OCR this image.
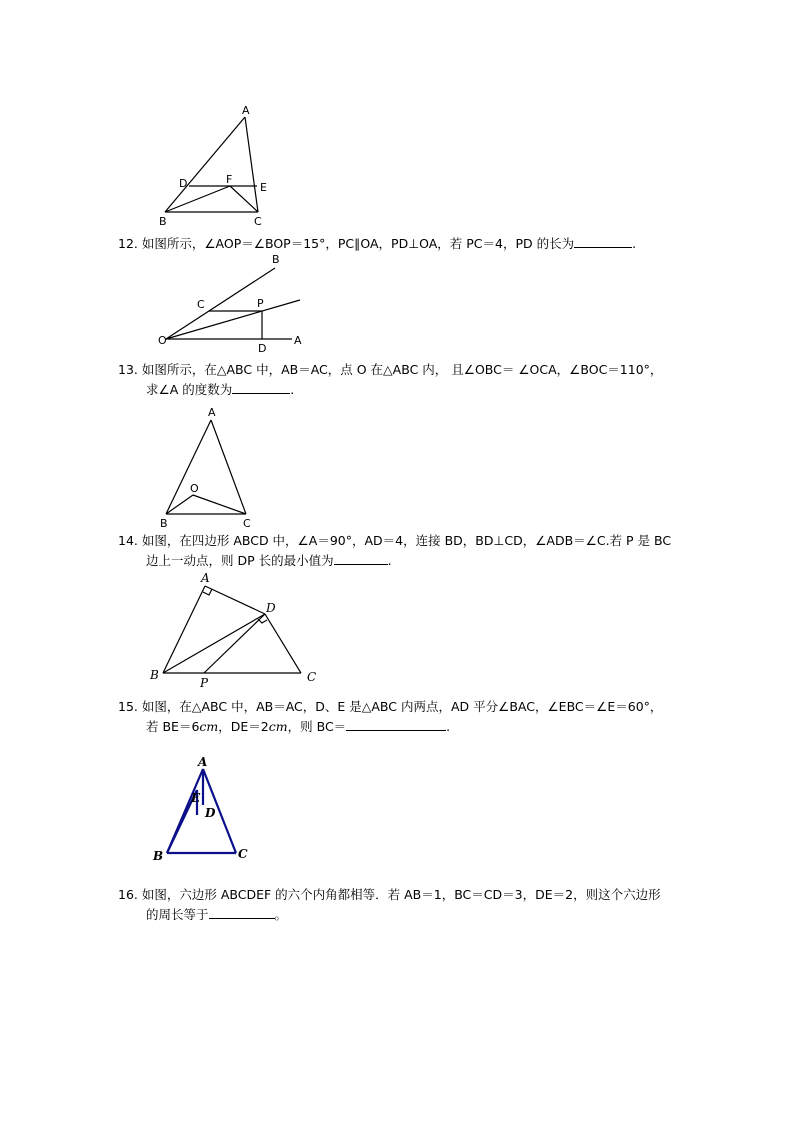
A
D	F
E
B	C
12. 如图所示，∠AOP＝∠BOP＝15°，PC∥OA，PD⊥OA，若 PC＝4，PD 的长为	.
B
C	P
O	A
D
13. 如图所示，在△ABC 中，AB＝AC，点 O 在△ABC 内， 且∠OBC＝ ∠OCA，∠BOC＝110°，
求∠A 的度数为	.
A
O
B	C
14. 如图，在四边形 ABCD 中，∠A＝90°，AD＝4，连接 BD，BD⊥CD，∠ADB＝∠C.若 P 是 BC
边上一动点，则 DP 长的最小值为	.
A
D
B
P	C
15. 如图，在△ABC 中，AB＝AC，D、E 是△ABC 内两点，AD 平分∠BAC，∠EBC＝∠E＝60°，
若 BE＝6cm，DE＝2cm，则 BC＝	.
A
E
D
B	C
16. 如图，六边形 ABCDEF 的六个内角都相等．若 AB＝1，BC＝CD＝3，DE＝2，则这个六边形
的周长等于	。
